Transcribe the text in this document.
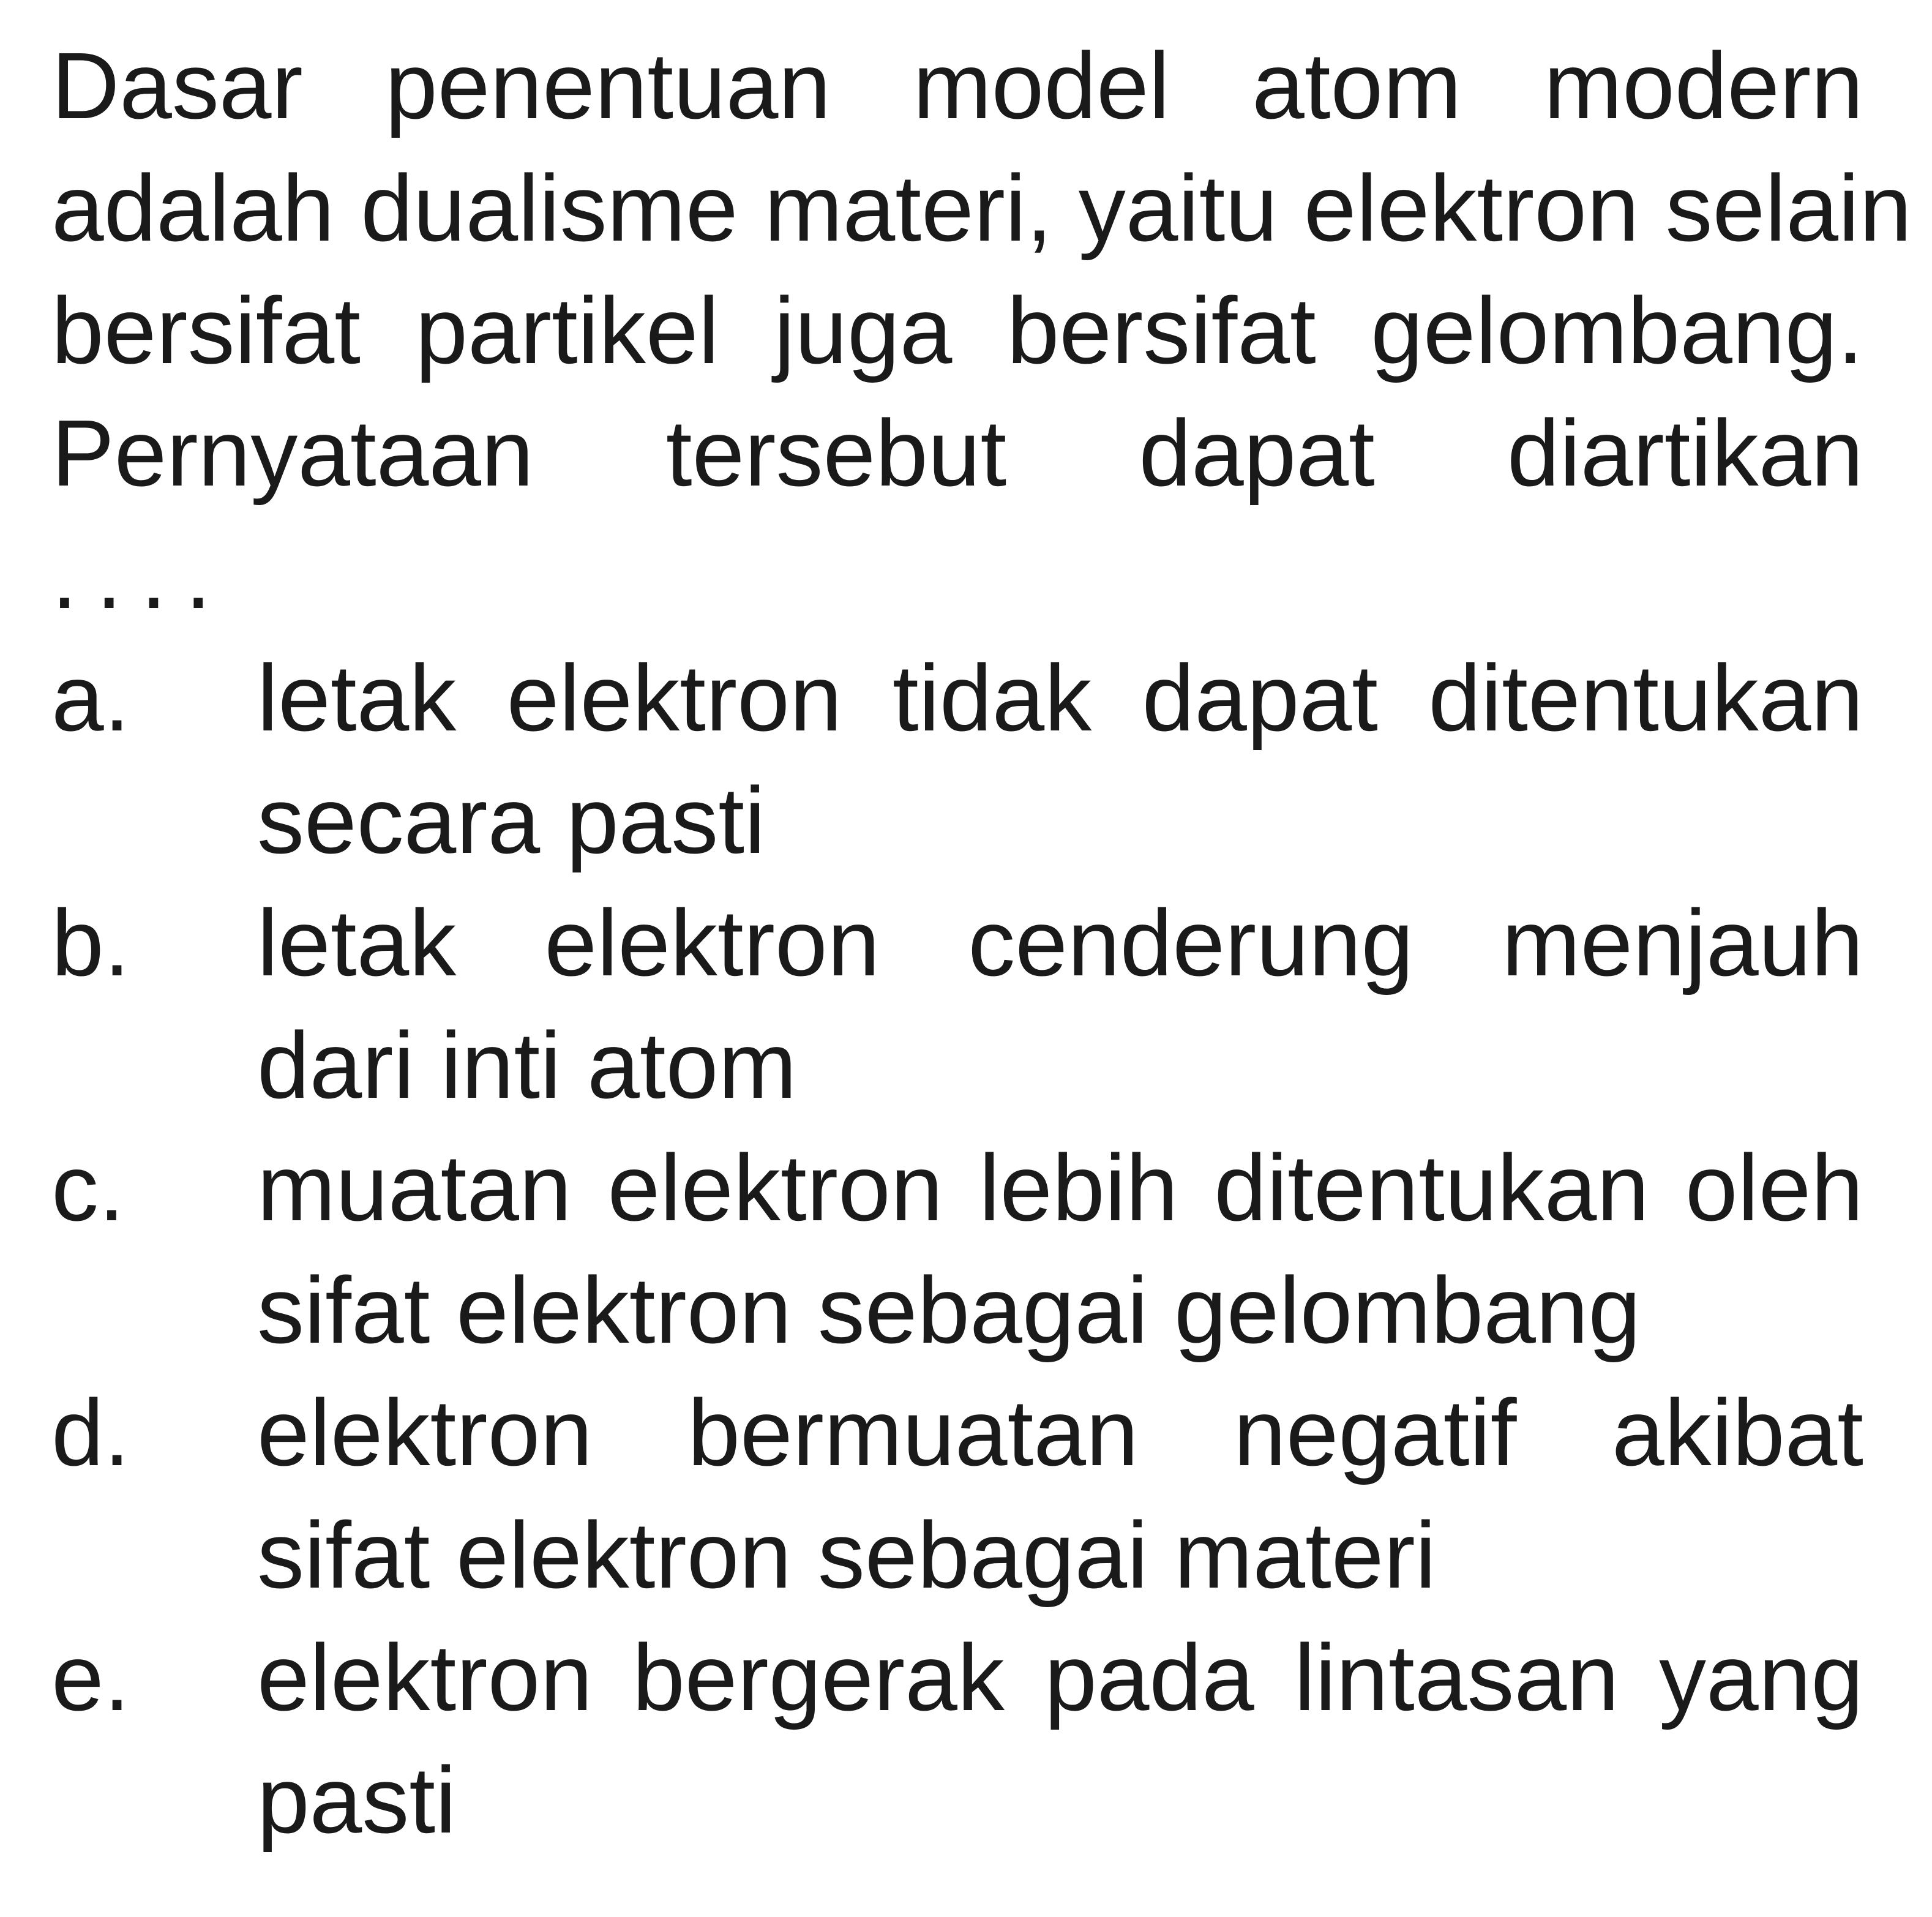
Dasar penentuan model atom modern
adalah dualisme materi, yaitu elektron selain
bersifat partikel juga bersifat gelombang.
Pernyataan tersebut dapat diartikan
....
a. letak elektron tidak dapat ditentukan
secara pasti
b. letak elektron cenderung menjauh
dari inti atom
c. muatan elektron lebih ditentukan oleh
sifat elektron sebagai gelombang
d. elektron bermuatan negatif akibat
sifat elektron sebagai materi
e. elektron bergerak pada lintasan yang
pasti
